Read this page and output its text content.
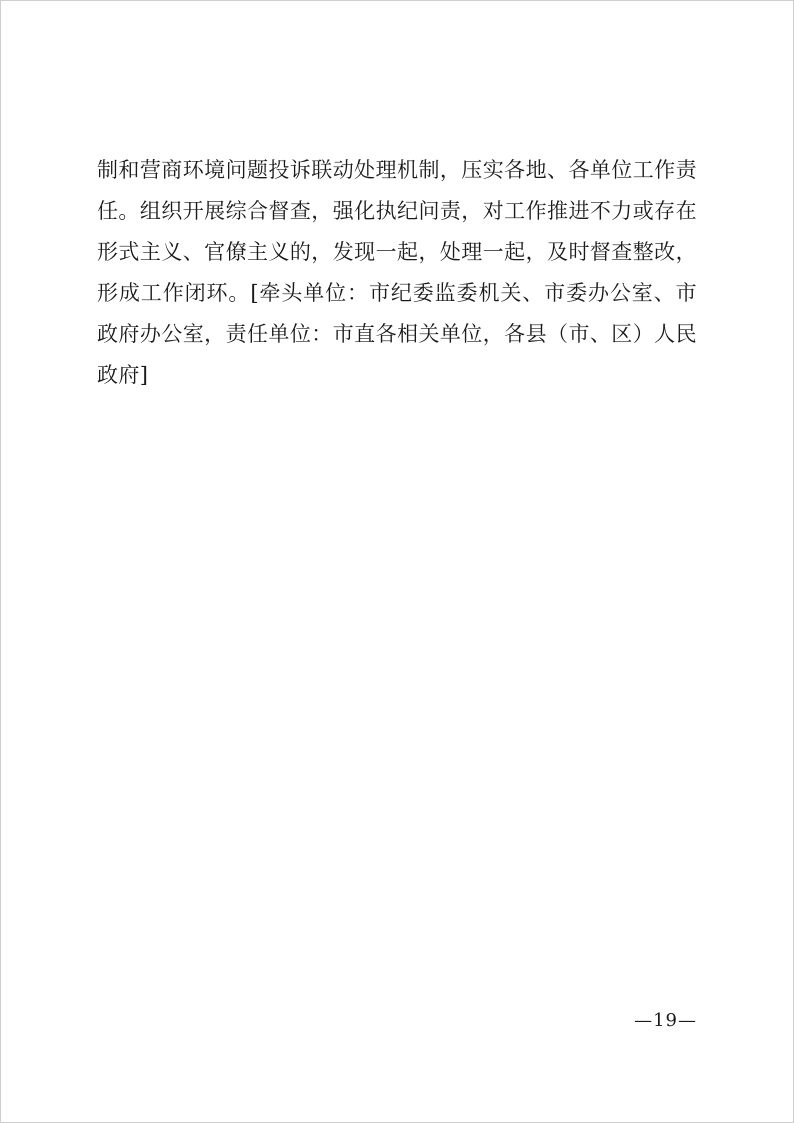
制和营商环境问题投诉联动处理机制，压实各地、各单位工作责任。组织开展综合督查，强化执纪问责，对工作推进不力或存在形式主义、官僚主义的，发现一起，处理一起，及时督查整改，形成工作闭环。[牵头单位：市纪委监委机关、市委办公室、市政府办公室，责任单位：市直各相关单位，各县（市、区）人民政府]

—19—
